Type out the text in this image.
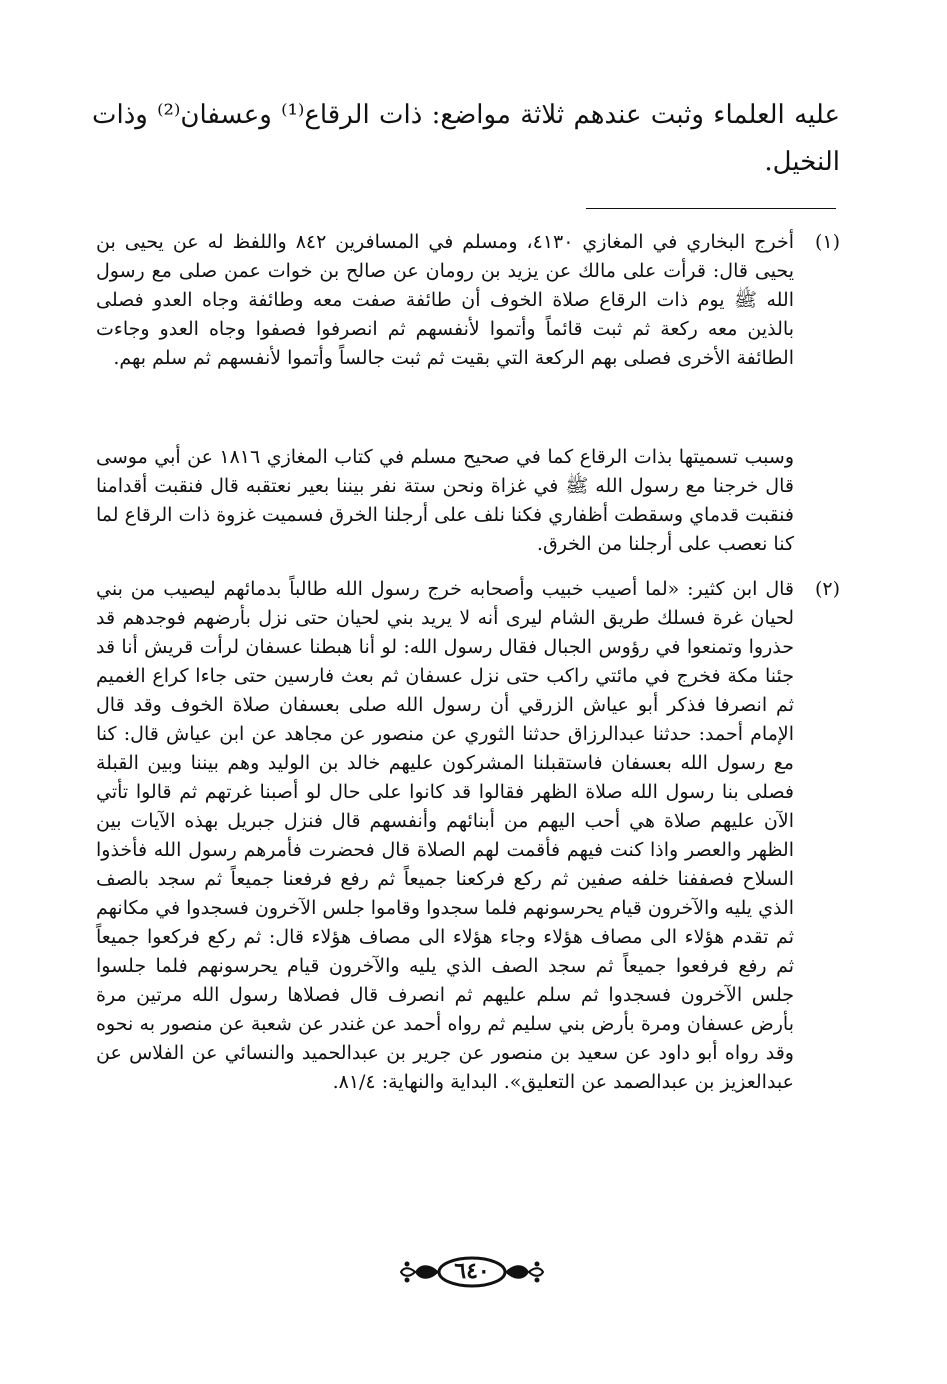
عليه العلماء وثبت عندهم ثلاثة مواضع: ذات الرقاع⁽¹⁾ وعسفان⁽²⁾ وذات النخيل.
(١)
أخرج البخاري في المغازي ٤١٣٠، ومسلم في المسافرين ٨٤٢ واللفظ له عن يحيى بن يحيى قال: قرأت على مالك عن يزيد بن رومان عن صالح بن خوات عمن صلى مع رسول الله ﷺ يوم ذات الرقاع صلاة الخوف أن طائفة صفت معه وطائفة وجاه العدو فصلى بالذين معه ركعة ثم ثبت قائماً وأتموا لأنفسهم ثم انصرفوا فصفوا وجاه العدو وجاءت الطائفة الأخرى فصلى بهم الركعة التي بقيت ثم ثبت جالساً وأتموا لأنفسهم ثم سلم بهم.
وسبب تسميتها بذات الرقاع كما في صحيح مسلم في كتاب المغازي ١٨١٦ عن أبي موسى قال خرجنا مع رسول الله ﷺ في غزاة ونحن ستة نفر بيننا بعير نعتقبه قال فنقبت أقدامنا فنقبت قدماي وسقطت أظفاري فكنا نلف على أرجلنا الخرق فسميت غزوة ذات الرقاع لما كنا نعصب على أرجلنا من الخرق.
(٢)
قال ابن كثير: «لما أصيب خبيب وأصحابه خرج رسول الله طالباً بدمائهم ليصيب من بني لحيان غرة فسلك طريق الشام ليرى أنه لا يريد بني لحيان حتى نزل بأرضهم فوجدهم قد حذروا وتمنعوا في رؤوس الجبال فقال رسول الله: لو أنا هبطنا عسفان لرأت قريش أنا قد جئنا مكة فخرج في مائتي راكب حتى نزل عسفان ثم بعث فارسين حتى جاءا كراع الغميم ثم انصرفا فذكر أبو عياش الزرقي أن رسول الله صلى بعسفان صلاة الخوف وقد قال الإمام أحمد: حدثنا عبدالرزاق حدثنا الثوري عن منصور عن مجاهد عن ابن عياش قال: كنا مع رسول الله بعسفان فاستقبلنا المشركون عليهم خالد بن الوليد وهم بيننا وبين القبلة فصلى بنا رسول الله صلاة الظهر فقالوا قد كانوا على حال لو أصبنا غرتهم ثم قالوا تأتي الآن عليهم صلاة هي أحب اليهم من أبنائهم وأنفسهم قال فنزل جبريل بهذه الآيات بين الظهر والعصر واذا كنت فيهم فأقمت لهم الصلاة قال فحضرت فأمرهم رسول الله فأخذوا السلاح فصففنا خلفه صفين ثم ركع فركعنا جميعاً ثم رفع فرفعنا جميعاً ثم سجد بالصف الذي يليه والآخرون قيام يحرسونهم فلما سجدوا وقاموا جلس الآخرون فسجدوا في مكانهم ثم تقدم هؤلاء الى مصاف هؤلاء وجاء هؤلاء الى مصاف هؤلاء قال: ثم ركع فركعوا جميعاً ثم رفع فرفعوا جميعاً ثم سجد الصف الذي يليه والآخرون قيام يحرسونهم فلما جلسوا جلس الآخرون فسجدوا ثم سلم عليهم ثم انصرف قال فصلاها رسول الله مرتين مرة بأرض عسفان ومرة بأرض بني سليم ثم رواه أحمد عن غندر عن شعبة عن منصور به نحوه وقد رواه أبو داود عن سعيد بن منصور عن جرير بن عبدالحميد والنسائي عن الفلاس عن عبدالعزيز بن عبدالصمد عن التعليق». البداية والنهاية: ٨١/٤.
٦٤٠
